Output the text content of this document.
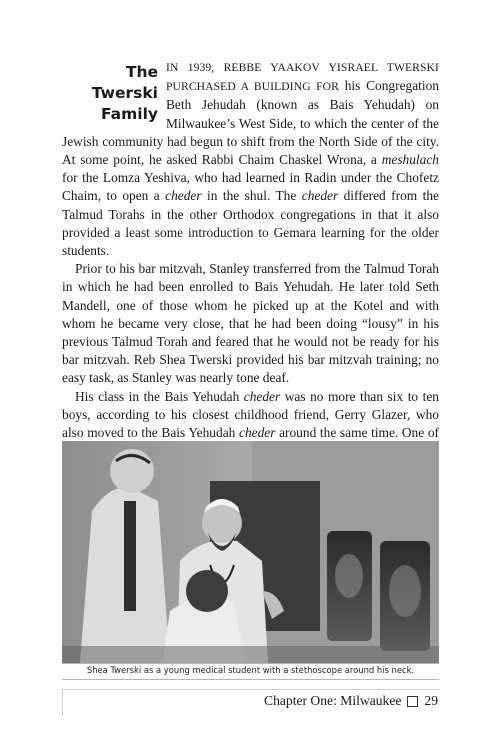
The Twerski
Family
IN 1939, REBBE YAAKOV YISRAEL TWERSKI PURCHASED A BUILDING FOR his Congregation Beth Jehudah (known as Bais Yehudah) on Milwaukee’s West Side, to which the center of the Jewish community had begun to shift from the North Side of the city. At some point, he asked Rabbi Chaim Chaskel Wrona, a meshulach for the Lomza Yeshiva, who had learned in Radin under the Chofetz Chaim, to open a cheder in the shul. The cheder differed from the Talmud Torahs in the other Orthodox congregations in that it also provided a least some introduction to Gemara learning for the older students.

Prior to his bar mitzvah, Stanley transferred from the Talmud Torah in which he had been enrolled to Bais Yehudah. He later told Seth Mandell, one of those whom he picked up at the Kotel and with whom he became very close, that he had been doing “lousy” in his previous Talmud Torah and feared that he would not be ready for his bar mitzvah. Reb Shea Twerski provided his bar mitzvah training; no easy task, as Stanley was nearly tone deaf.

His class in the Bais Yehudah cheder was no more than six to ten boys, according to his closest childhood friend, Gerry Glazer, who also moved to the Bais Yehudah cheder around the same time. One of

Shea Twerski as a young medical student with a stethoscope around his neck.
Chapter One: Milwaukee 29
